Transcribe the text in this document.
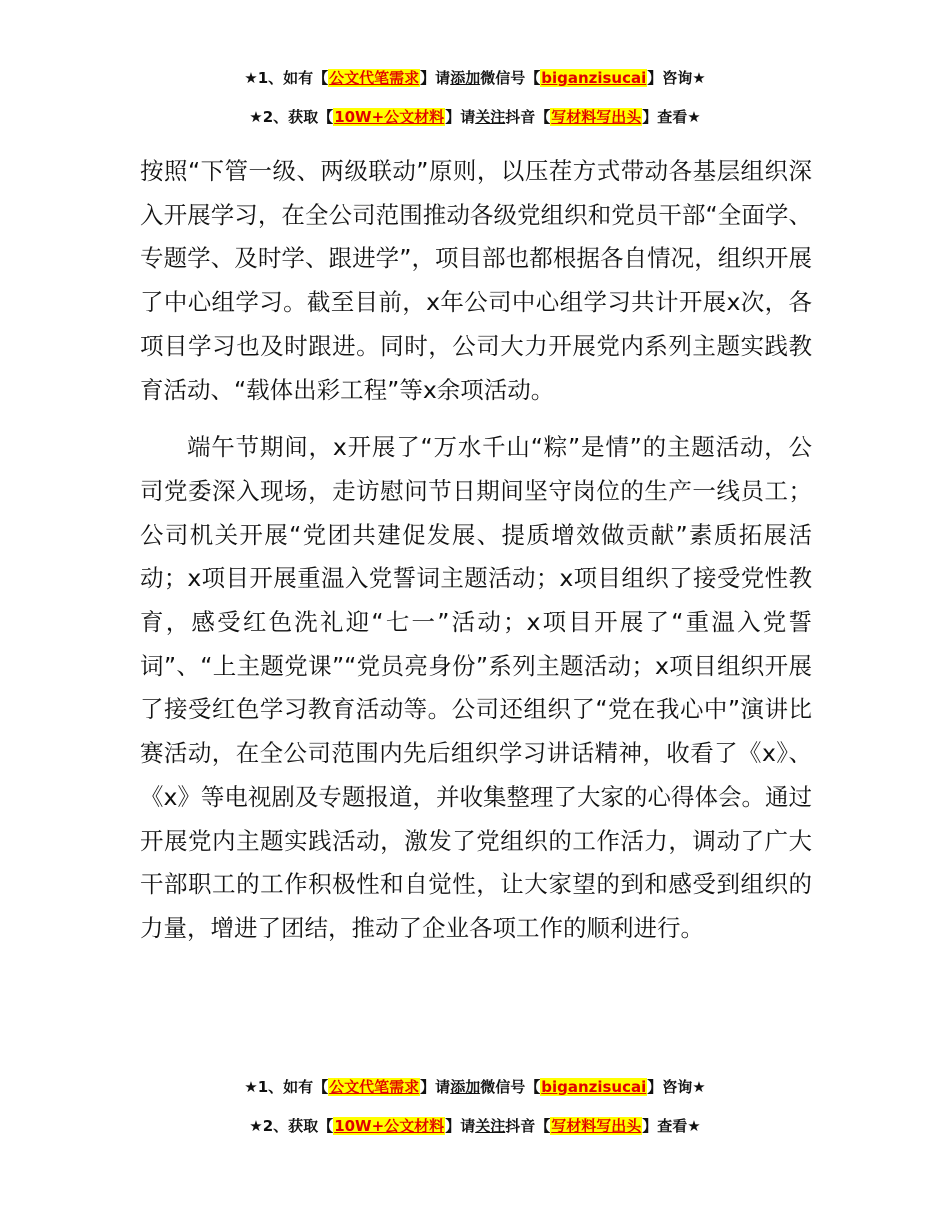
★1、如有【公文代笔需求】请添加微信号【biganzisucai】咨询★
★2、获取【10W+公文材料】请关注抖音【写材料写出头】查看★

按照“下管一级、两级联动”原则，以压茬方式带动各基层组织深入开展学习，在全公司范围推动各级党组织和党员干部“全面学、专题学、及时学、跟进学”，项目部也都根据各自情况，组织开展了中心组学习。截至目前，x年公司中心组学习共计开展x次，各项目学习也及时跟进。同时，公司大力开展党内系列主题实践教育活动、“载体出彩工程”等x余项活动。

端午节期间，x开展了“万水千山“粽”是情”的主题活动，公司党委深入现场，走访慰问节日期间坚守岗位的生产一线员工；公司机关开展“党团共建促发展、提质增效做贡献”素质拓展活动；x项目开展重温入党誓词主题活动；x项目组织了接受党性教育，感受红色洗礼迎“七一”活动；x项目开展了“重温入党誓词”、“上主题党课”“党员亮身份”系列主题活动；x项目组织开展了接受红色学习教育活动等。公司还组织了“党在我心中”演讲比赛活动，在全公司范围内先后组织学习讲话精神，收看了《x》、《x》等电视剧及专题报道，并收集整理了大家的心得体会。通过开展党内主题实践活动，激发了党组织的工作活力，调动了广大干部职工的工作积极性和自觉性，让大家望的到和感受到组织的力量，增进了团结，推动了企业各项工作的顺利进行。

★1、如有【公文代笔需求】请添加微信号【biganzisucai】咨询★
★2、获取【10W+公文材料】请关注抖音【写材料写出头】查看★
